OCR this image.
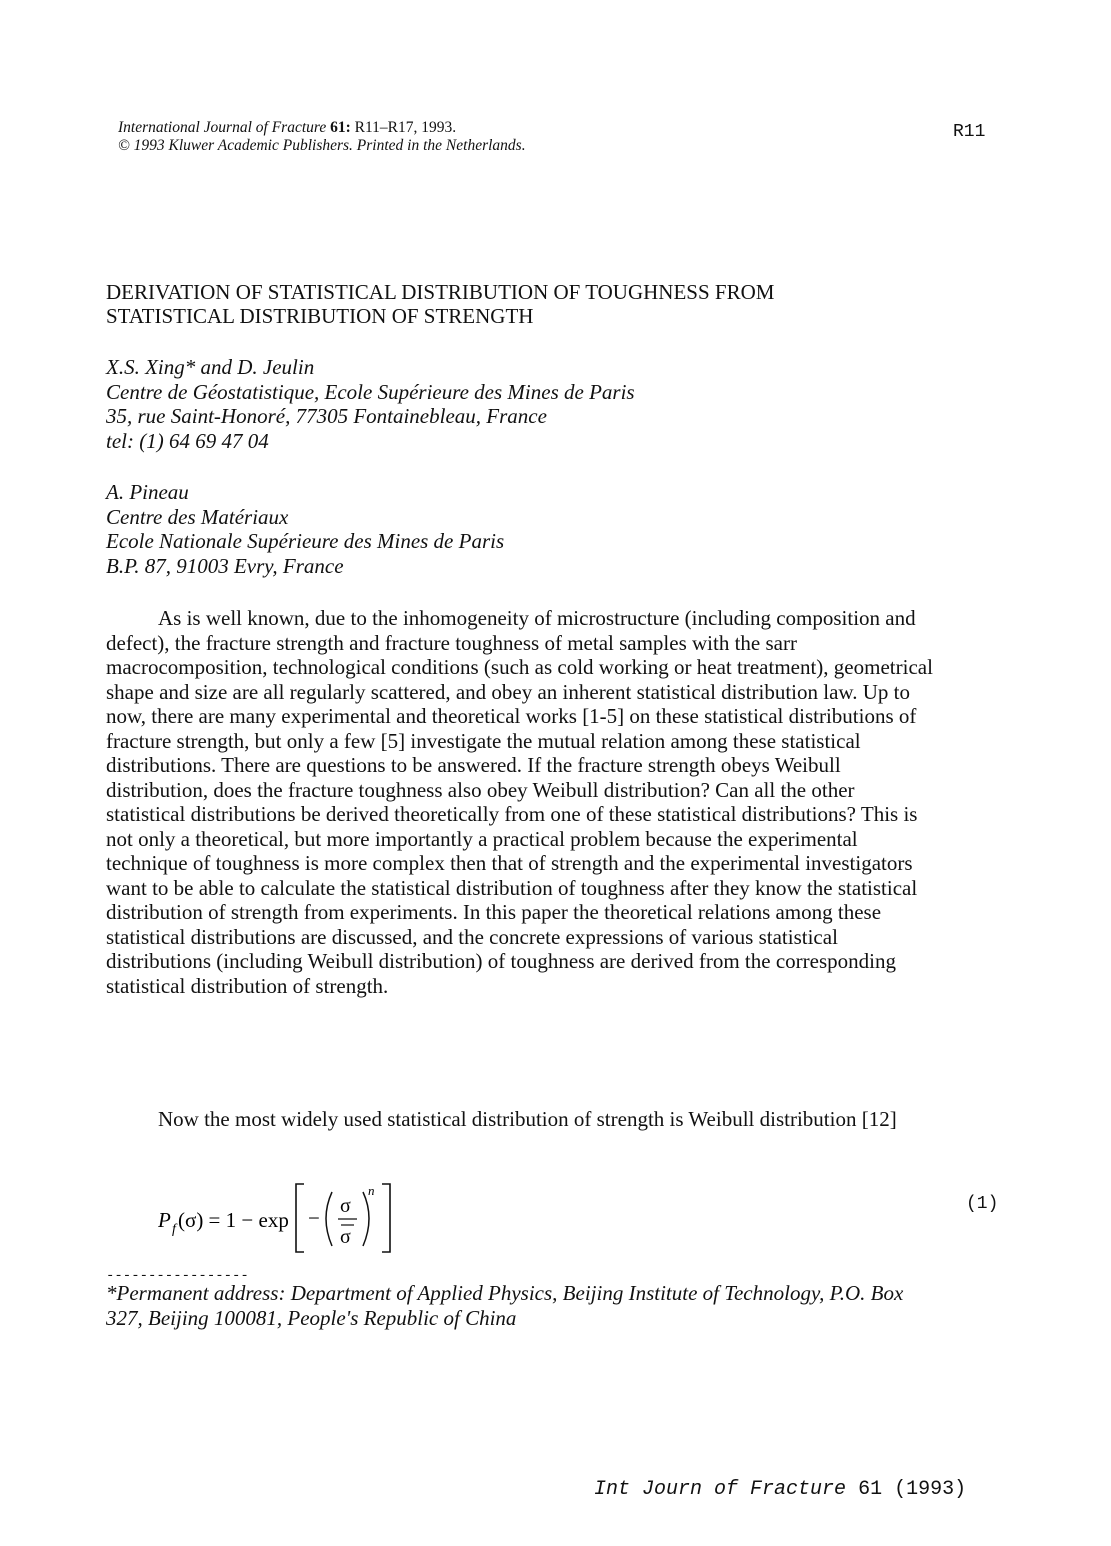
International Journal of Fracture 61: R11–R17, 1993.
© 1993 Kluwer Academic Publishers. Printed in the Netherlands.
R11
DERIVATION OF STATISTICAL DISTRIBUTION OF TOUGHNESS FROM
STATISTICAL DISTRIBUTION OF STRENGTH
X.S. Xing* and D. Jeulin
Centre de Géostatistique, Ecole Supérieure des Mines de Paris
35, rue Saint-Honoré, 77305 Fontainebleau, France
tel: (1) 64 69 47 04
A. Pineau
Centre des Matériaux
Ecole Nationale Supérieure des Mines de Paris
B.P. 87, 91003 Evry, France

As is well known, due to the inhomogeneity of microstructure (including composition and defect), the fracture strength and fracture toughness of metal samples with the sarr macrocomposition, technological conditions (such as cold working or heat treatment), geometrical shape and size are all regularly scattered, and obey an inherent statistical distribution law. Up to now, there are many experimental and theoretical works [1-5] on these statistical distributions of fracture strength, but only a few [5] investigate the mutual relation among these statistical distributions. There are questions to be answered. If the fracture strength obeys Weibull distribution, does the fracture toughness also obey Weibull distribution? Can all the other statistical distributions be derived theoretically from one of these statistical distributions? This is not only a theoretical, but more importantly a practical problem because the experimental technique of toughness is more complex then that of strength and the experimental investigators want to be able to calculate the statistical distribution of toughness after they know the statistical distribution of strength from experiments. In this paper the theoretical relations among these statistical distributions are discussed, and the concrete expressions of various statistical distributions (including Weibull distribution) of toughness are derived from the corresponding statistical distribution of strength.

Now the most widely used statistical distribution of strength is Weibull distribution [12]

P f (σ) = 1 − exp − σ
σ
n
(1)
-----------------
*Permanent address: Department of Applied Physics, Beijing Institute of Technology, P.O. Box 327, Beijing 100081, People's Republic of China
Int Journ of Fracture 61 (1993)
